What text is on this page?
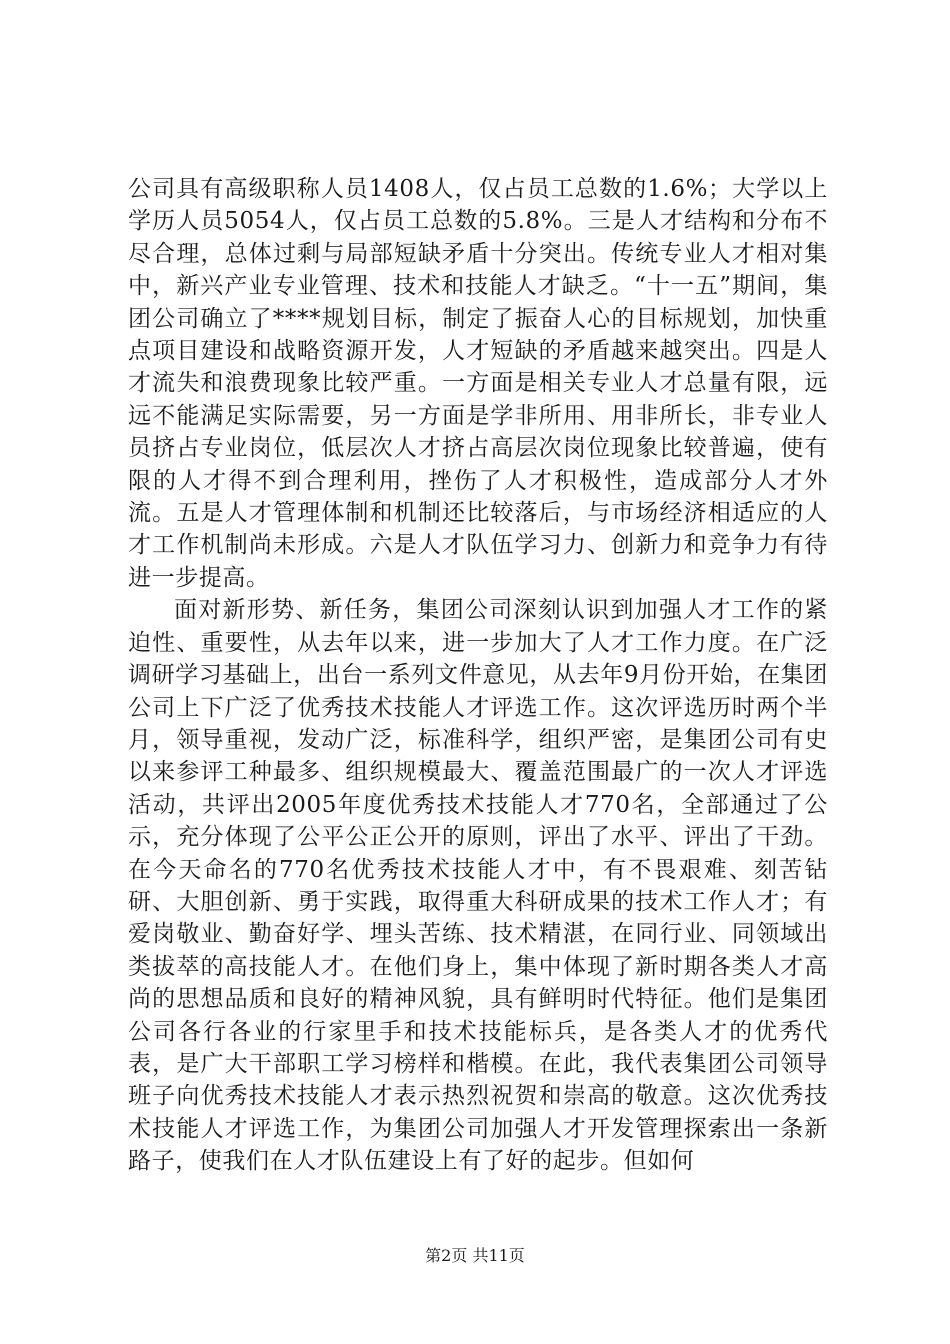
公司具有高级职称人员1408人，仅占员工总数的1.6%；大学以上学历人员5054人，仅占员工总数的5.8%。三是人才结构和分布不尽合理，总体过剩与局部短缺矛盾十分突出。传统专业人才相对集中，新兴产业专业管理、技术和技能人才缺乏。“十一五”期间，集团公司确立了****规划目标，制定了振奋人心的目标规划，加快重点项目建设和战略资源开发，人才短缺的矛盾越来越突出。四是人才流失和浪费现象比较严重。一方面是相关专业人才总量有限，远远不能满足实际需要，另一方面是学非所用、用非所长，非专业人员挤占专业岗位，低层次人才挤占高层次岗位现象比较普遍，使有限的人才得不到合理利用，挫伤了人才积极性，造成部分人才外流。五是人才管理体制和机制还比较落后，与市场经济相适应的人才工作机制尚未形成。六是人才队伍学习力、创新力和竞争力有待进一步提高。

面对新形势、新任务，集团公司深刻认识到加强人才工作的紧迫性、重要性，从去年以来，进一步加大了人才工作力度。在广泛调研学习基础上，出台一系列文件意见，从去年9月份开始，在集团公司上下广泛了优秀技术技能人才评选工作。这次评选历时两个半月，领导重视，发动广泛，标准科学，组织严密，是集团公司有史以来参评工种最多、组织规模最大、覆盖范围最广的一次人才评选活动，共评出2005年度优秀技术技能人才770名，全部通过了公示，充分体现了公平公正公开的原则，评出了水平、评出了干劲。在今天命名的770名优秀技术技能人才中，有不畏艰难、刻苦钻研、大胆创新、勇于实践，取得重大科研成果的技术工作人才；有爱岗敬业、勤奋好学、埋头苦练、技术精湛，在同行业、同领域出类拔萃的高技能人才。在他们身上，集中体现了新时期各类人才高尚的思想品质和良好的精神风貌，具有鲜明时代特征。他们是集团公司各行各业的行家里手和技术技能标兵，是各类人才的优秀代表，是广大干部职工学习榜样和楷模。在此，我代表集团公司领导班子向优秀技术技能人才表示热烈祝贺和崇高的敬意。这次优秀技术技能人才评选工作，为集团公司加强人才开发管理探索出一条新路子，使我们在人才队伍建设上有了好的起步。但如何

第2页 共11页
